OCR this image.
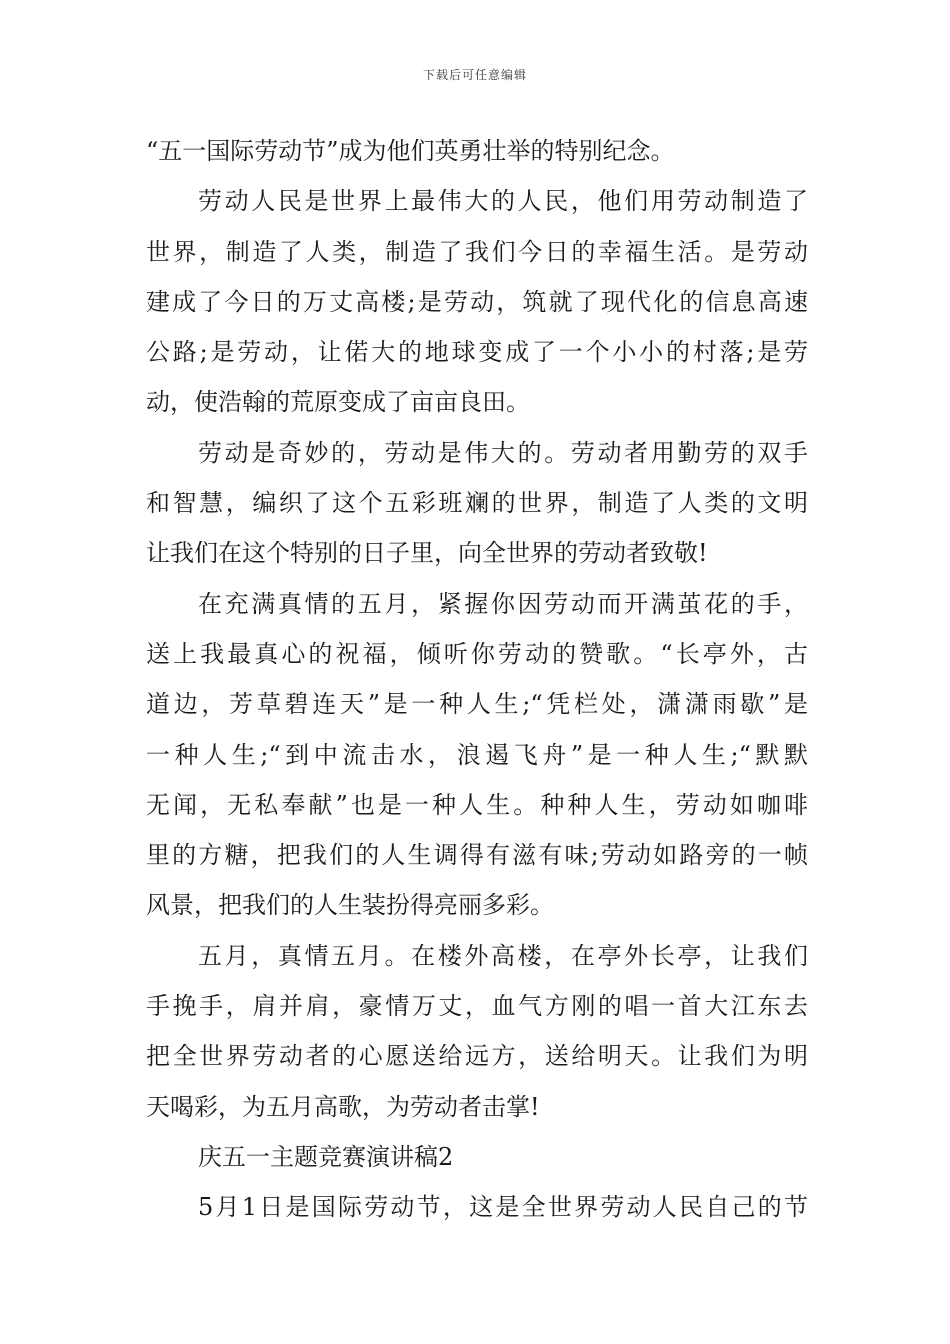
下载后可任意编辑
“五一国际劳动节”成为他们英勇壮举的特别纪念。
劳动人民是世界上最伟大的人民，他们用劳动制造了
世界，制造了人类，制造了我们今日的幸福生活。是劳动
建成了今日的万丈高楼;是劳动，筑就了现代化的信息高速
公路;是劳动，让偌大的地球变成了一个小小的村落;是劳
动，使浩翰的荒原变成了亩亩良田。
劳动是奇妙的，劳动是伟大的。劳动者用勤劳的双手
和智慧，编织了这个五彩班斓的世界，制造了人类的文明
让我们在这个特别的日子里，向全世界的劳动者致敬!
在充满真情的五月，紧握你因劳动而开满茧花的手，
送上我最真心的祝福，倾听你劳动的赞歌。“长亭外，古
道边，芳草碧连天”是一种人生;“凭栏处，潇潇雨歇”是
一种人生;“到中流击水，浪遏飞舟”是一种人生;“默默
无闻，无私奉献”也是一种人生。种种人生，劳动如咖啡
里的方糖，把我们的人生调得有滋有味;劳动如路旁的一帧
风景，把我们的人生装扮得亮丽多彩。
五月，真情五月。在楼外高楼，在亭外长亭，让我们
手挽手，肩并肩，豪情万丈，血气方刚的唱一首大江东去
把全世界劳动者的心愿送给远方，送给明天。让我们为明
天喝彩，为五月高歌，为劳动者击掌!
庆五一主题竞赛演讲稿2
5月1日是国际劳动节，这是全世界劳动人民自己的节
